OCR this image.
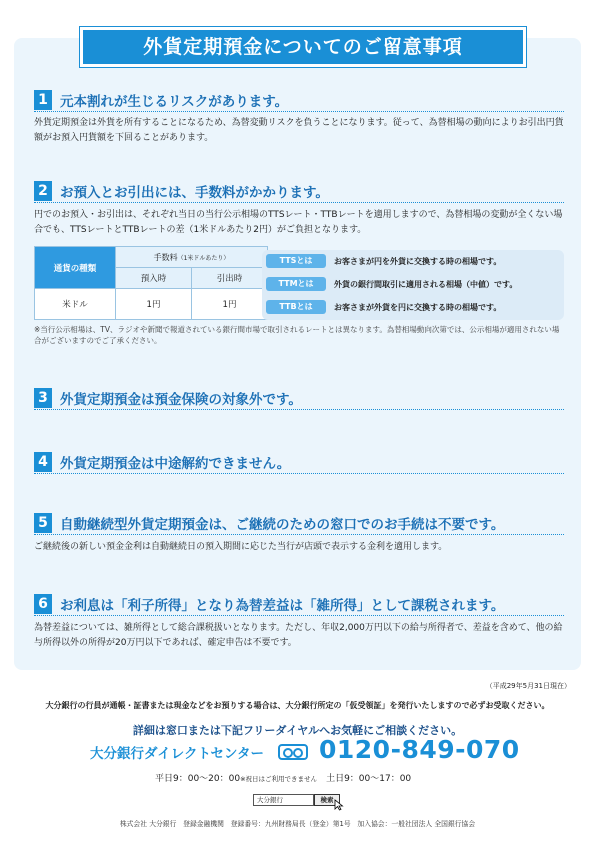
外貨定期預金についてのご留意事項
1 元本割れが生じるリスクがあります。
外貨定期預金は外貨を所有することになるため、為替変動リスクを負うことになります。従って、為替相場の動向によりお引出円貨額がお預入円貨額を下回ることがあります。
2 お預入とお引出には、手数料がかかります。
円でのお預入・お引出は、それぞれ当日の当行公示相場のTTSレート・TTBレートを適用しますので、為替相場の変動が全くない場合でも、TTSレートとTTBレートの差（1米ドルあたり2円）がご負担となります。
通貨の種類	手数料（1米ドルあたり）	
	預入時	引出時
米ドル	1円	1円
TTSとは	お客さまが円を外貨に交換する時の相場です。
TTMとは	外貨の銀行間取引に適用される相場（中値）です。
TTBとは	お客さまが外貨を円に交換する時の相場です。
※当行公示相場は、TV、ラジオや新聞で報道されている銀行間市場で取引されるレートとは異なります。為替相場動向次第では、公示相場が適用されない場合がございますのでご了承ください。
3 外貨定期預金は預金保険の対象外です。
4 外貨定期預金は中途解約できません。
5 自動継続型外貨定期預金は、ご継続のための窓口でのお手続は不要です。
ご継続後の新しい預金金利は自動継続日の預入期間に応じた当行が店頭で表示する金利を適用します。
6 お利息は「利子所得」となり為替差益は「雑所得」として課税されます。
為替差益については、雑所得として総合課税扱いとなります。ただし、年収2,000万円以下の給与所得者で、差益を含めて、他の給与所得以外の所得が20万円以下であれば、確定申告は不要です。
（平成29年5月31日現在）
大分銀行の行員が通帳・証書または現金などをお預りする場合は、大分銀行所定の「仮受領証」を発行いたしますので必ずお受取ください。
詳細は窓口または下記フリーダイヤルへお気軽にご相談ください。
大分銀行ダイレクトセンター 0120-849-070
平日9：00〜20：00※祝日はご利用できません　 土日9：00〜17：00
大分銀行	検索
株式会社 大分銀行　登録金融機関　登録番号：九州財務局長（登金）第1号　加入協会：一般社団法人 全国銀行協会
